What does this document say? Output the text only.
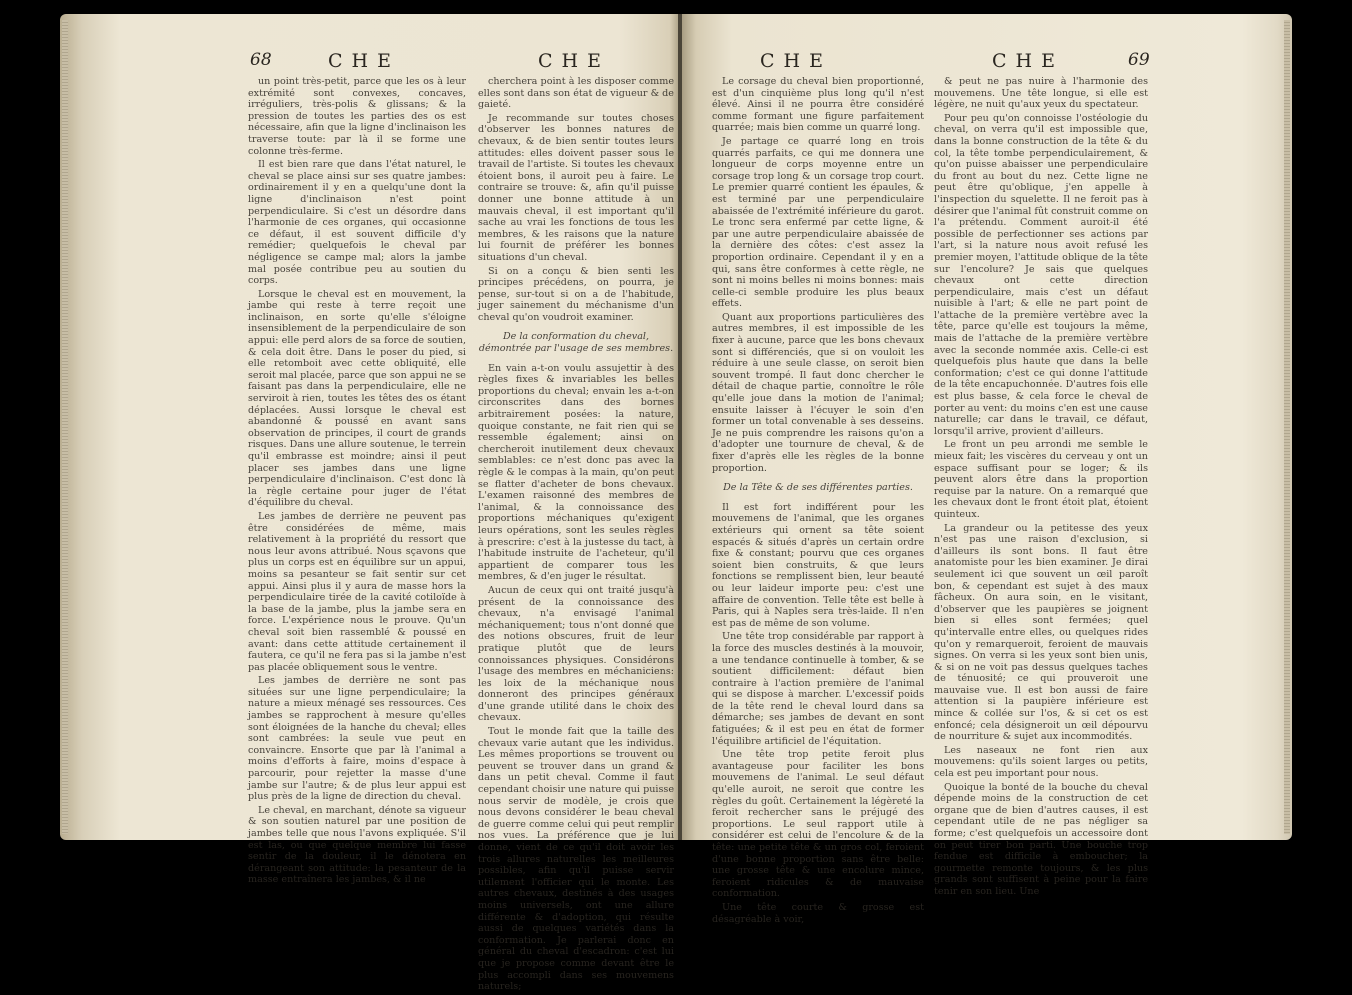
68	CHE	CHE

un point très-petit, parce que les os à leur extrémité sont convexes, concaves, irréguliers, très-polis & glissans; & la pression de toutes les parties des os est nécessaire, afin que la ligne d'inclinaison les traverse toute: par là il se forme une colonne très-ferme.

Il est bien rare que dans l'état naturel, le cheval se place ainsi sur ses quatre jambes: ordinairement il y en a quelqu'une dont la ligne d'inclinaison n'est point perpendiculaire. Si c'est un désordre dans l'harmonie de ces organes, qui occasionne ce défaut, il est souvent difficile d'y remédier; quelquefois le cheval par négligence se campe mal; alors la jambe mal posée contribue peu au soutien du corps.

Lorsque le cheval est en mouvement, la jambe qui reste à terre reçoit une inclinaison, en sorte qu'elle s'éloigne insensiblement de la perpendiculaire de son appui: elle perd alors de sa force de soutien, & cela doit être. Dans le poser du pied, si elle retomboit avec cette obliquité, elle seroit mal placée, parce que son appui ne se faisant pas dans la perpendiculaire, elle ne serviroit à rien, toutes les têtes des os étant déplacées. Aussi lorsque le cheval est abandonné & poussé en avant sans observation de principes, il court de grands risques. Dans une allure soutenue, le terrein qu'il embrasse est moindre; ainsi il peut placer ses jambes dans une ligne perpendiculaire d'inclinaison. C'est donc là la règle certaine pour juger de l'état d'équilibre du cheval.

Les jambes de derrière ne peuvent pas être considérées de même, mais relativement à la propriété du ressort que nous leur avons attribué. Nous sçavons que plus un corps est en équilibre sur un appui, moins sa pesanteur se fait sentir sur cet appui. Ainsi plus il y aura de masse hors la perpendiculaire tirée de la cavité cotiloïde à la base de la jambe, plus la jambe sera en force. L'expérience nous le prouve. Qu'un cheval soit bien rassemblé & poussé en avant: dans cette attitude certainement il fautera, ce qu'il ne fera pas si la jambe n'est pas placée obliquement sous le ventre.

Les jambes de derrière ne sont pas situées sur une ligne perpendiculaire; la nature a mieux ménagé ses ressources. Ces jambes se rapprochent à mesure qu'elles sont éloignées de la hanche du cheval; elles sont cambrées: la seule vue peut en convaincre. Ensorte que par là l'animal a moins d'efforts à faire, moins d'espace à parcourir, pour rejetter la masse d'une jambe sur l'autre; & de plus leur appui est plus près de la ligne de direction du cheval.

Le cheval, en marchant, dénote sa vigueur & son soutien naturel par une position de jambes telle que nous l'avons expliquée. S'il est las, ou que quelque membre lui fasse sentir de la douleur, il le dénotera en dérangeant son attitude: la pesanteur de la masse entraînera les jambes, & il ne

cherchera point à les disposer comme elles sont dans son état de vigueur & de gaieté.

Je recommande sur toutes choses d'observer les bonnes natures de chevaux, & de bien sentir toutes leurs attitudes: elles doivent passer sous le travail de l'artiste. Si toutes les chevaux étoient bons, il auroit peu à faire. Le contraire se trouve: &, afin qu'il puisse donner une bonne attitude à un mauvais cheval, il est important qu'il sache au vrai les fonctions de tous les membres, & les raisons que la nature lui fournit de préférer les bonnes situations d'un cheval.

Si on a conçu & bien senti les principes précédens, on pourra, je pense, sur-tout si on a de l'habitude, juger sainement du méchanisme d'un cheval qu'on voudroit examiner.

De la conformation du cheval, démontrée par l'usage de ses membres.

En vain a-t-on voulu assujettir à des règles fixes & invariables les belles proportions du cheval; envain les a-t-on circonscrites dans des bornes arbitrairement posées: la nature, quoique constante, ne fait rien qui se ressemble également; ainsi on chercheroit inutilement deux chevaux semblables: ce n'est donc pas avec la règle & le compas à la main, qu'on peut se flatter d'acheter de bons chevaux. L'examen raisonné des membres de l'animal, & la connoissance des proportions méchaniques qu'exigent leurs opérations, sont les seules règles à prescrire: c'est à la justesse du tact, à l'habitude instruite de l'acheteur, qu'il appartient de comparer tous les membres, & d'en juger le résultat.

Aucun de ceux qui ont traité jusqu'à présent de la connoissance des chevaux, n'a envisagé l'animal méchaniquement; tous n'ont donné que des notions obscures, fruit de leur pratique plutôt que de leurs connoissances physiques. Considérons l'usage des membres en méchaniciens: les loix de la méchanique nous donneront des principes généraux d'une grande utilité dans le choix des chevaux.

Tout le monde fait que la taille des chevaux varie autant que les individus. Les mêmes proportions se trouvent ou peuvent se trouver dans un grand & dans un petit cheval. Comme il faut cependant choisir une nature qui puisse nous servir de modèle, je crois que nous devons considérer le beau cheval de guerre comme celui qui peut remplir nos vues. La préférence que je lui donne, vient de ce qu'il doit avoir les trois allures naturelles les meilleures possibles, afin qu'il puisse servir utilement l'officier qui le monte. Les autres chevaux, destinés à des usages moins universels, ont une allure différente & d'adoption, qui résulte aussi de quelques variétés dans la conformation. Je parlerai donc en général du cheval d'escadron: c'est lui que je propose comme devant être le plus accompli dans ses mouvemens naturels;

CHE	CHE	69

Le corsage du cheval bien proportionné, est d'un cinquième plus long qu'il n'est élevé. Ainsi il ne pourra être considéré comme formant une figure parfaitement quarrée; mais bien comme un quarré long.

Je partage ce quarré long en trois quarrés parfaits, ce qui me donnera une longueur de corps moyenne entre un corsage trop long & un corsage trop court. Le premier quarré contient les épaules, & est terminé par une perpendiculaire abaissée de l'extrémité inférieure du garot. Le tronc sera enfermé par cette ligne, & par une autre perpendiculaire abaissée de la dernière des côtes: c'est assez la proportion ordinaire. Cependant il y en a qui, sans être conformes à cette règle, ne sont ni moins belles ni moins bonnes: mais celle-ci semble produire les plus beaux effets.

Quant aux proportions particulières des autres membres, il est impossible de les fixer à aucune, parce que les bons chevaux sont si différenciés, que si on vouloit les réduire à une seule classe, on seroit bien souvent trompé. Il faut donc chercher le détail de chaque partie, connoître le rôle qu'elle joue dans la motion de l'animal; ensuite laisser à l'écuyer le soin d'en former un total convenable à ses desseins. Je ne puis comprendre les raisons qu'on a d'adopter une tournure de cheval, & de fixer d'après elle les règles de la bonne proportion.

De la Tête & de ses différentes parties.

Il est fort indifférent pour les mouvemens de l'animal, que les organes extérieurs qui ornent sa tête soient espacés & situés d'après un certain ordre fixe & constant; pourvu que ces organes soient bien construits, & que leurs fonctions se remplissent bien, leur beauté ou leur laideur importe peu: c'est une affaire de convention. Telle tête est belle à Paris, qui à Naples sera très-laide. Il n'en est pas de même de son volume.

Une tête trop considérable par rapport à la force des muscles destinés à la mouvoir, a une tendance continuelle à tomber, & se soutient difficilement: défaut bien contraire à l'action première de l'animal qui se dispose à marcher. L'excessif poids de la tête rend le cheval lourd dans sa démarche; ses jambes de devant en sont fatiguées; & il est peu en état de former l'équilibre artificiel de l'équitation.

Une tête trop petite feroit plus avantageuse pour faciliter les bons mouvemens de l'animal. Le seul défaut qu'elle auroit, ne seroit que contre les règles du goût. Certainement la légèreté la feroit rechercher sans le préjugé des proportions. Le seul rapport utile à considérer est celui de l'encolure & de la tête: une petite tête & un gros col, feroient d'une bonne proportion sans être belle: une grosse tête & une encolure mince, feroient ridicules & de mauvaise conformation.

Une tête courte & grosse est désagréable à voir,

& peut ne pas nuire à l'harmonie des mouvemens. Une tête longue, si elle est légère, ne nuit qu'aux yeux du spectateur.

Pour peu qu'on connoisse l'ostéologie du cheval, on verra qu'il est impossible que, dans la bonne construction de la tête & du col, la tête tombe perpendiculairement, & qu'on puisse abaisser une perpendiculaire du front au bout du nez. Cette ligne ne peut être qu'oblique, j'en appelle à l'inspection du squelette. Il ne feroit pas à désirer que l'animal fût construit comme on l'a prétendu. Comment auroit-il été possible de perfectionner ses actions par l'art, si la nature nous avoit refusé les premier moyen, l'attitude oblique de la tête sur l'encolure? Je sais que quelques chevaux ont cette direction perpendiculaire, mais c'est un défaut nuisible à l'art; & elle ne part point de l'attache de la première vertèbre avec la tête, parce qu'elle est toujours la même, mais de l'attache de la première vertèbre avec la seconde nommée axis. Celle-ci est quelquefois plus haute que dans la belle conformation; c'est ce qui donne l'attitude de la tête encapuchonnée. D'autres fois elle est plus basse, & cela force le cheval de porter au vent: du moins c'en est une cause naturelle; car dans le travail, ce défaut, lorsqu'il arrive, provient d'ailleurs.

Le front un peu arrondi me semble le mieux fait; les viscères du cerveau y ont un espace suffisant pour se loger; & ils peuvent alors être dans la proportion requise par la nature. On a remarqué que les chevaux dont le front étoit plat, étoient quinteux.

La grandeur ou la petitesse des yeux n'est pas une raison d'exclusion, si d'ailleurs ils sont bons. Il faut être anatomiste pour les bien examiner. Je dirai seulement ici que souvent un œil paroît bon, & cependant est sujet à des maux fâcheux. On aura soin, en le visitant, d'observer que les paupières se joignent bien si elles sont fermées; quel qu'intervalle entre elles, ou quelques rides qu'on y remarqueroit, feroient de mauvais signes. On verra si les yeux sont bien unis, & si on ne voit pas dessus quelques taches de ténuosité; ce qui prouveroit une mauvaise vue. Il est bon aussi de faire attention si la paupière inférieure est mince & collée sur l'os, & si cet os est enfoncé; cela désigneroit un œil dépourvu de nourriture & sujet aux incommodités.

Les naseaux ne font rien aux mouvemens: qu'ils soient larges ou petits, cela est peu important pour nous.

Quoique la bonté de la bouche du cheval dépende moins de la construction de cet organe que de bien d'autres causes, il est cependant utile de ne pas négliger sa forme; c'est quelquefois un accessoire dont on peut tirer bon parti. Une bouche trop fendue est difficile à emboucher; la gourmette remonte toujours, & les plus grands sont suffisent à peine pour la faire tenir en son lieu. Une
